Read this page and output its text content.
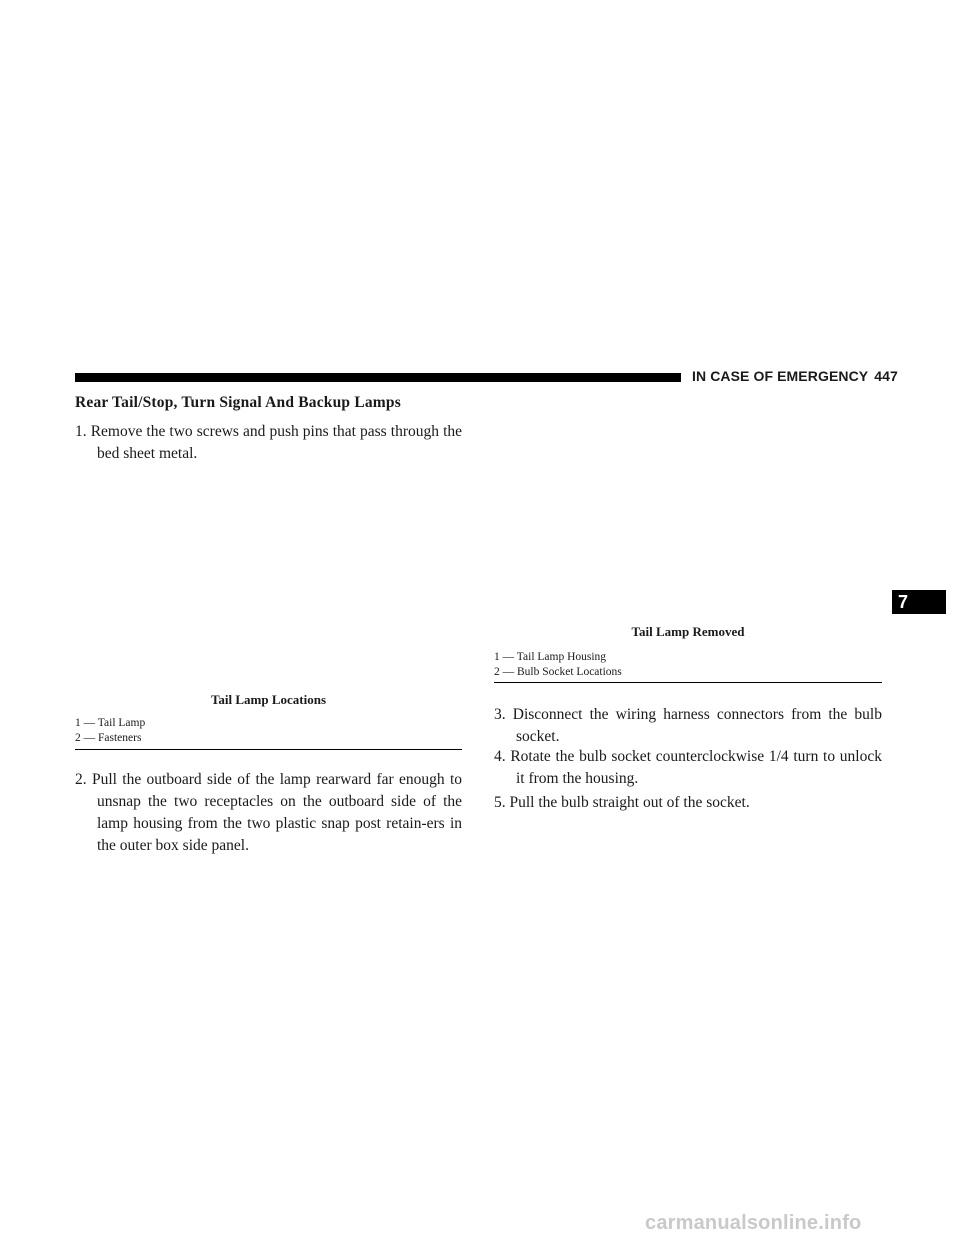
IN CASE OF EMERGENCY 447
7
Rear Tail/Stop, Turn Signal And Backup Lamps
1. Remove the two screws and push pins that pass through the bed sheet metal.
Tail Lamp Locations
1 — Tail Lamp
2 — Fasteners
2. Pull the outboard side of the lamp rearward far enough to unsnap the two receptacles on the outboard side of the lamp housing from the two plastic snap post retain-ers in the outer box side panel.
Tail Lamp Removed
1 — Tail Lamp Housing
2 — Bulb Socket Locations
3. Disconnect the wiring harness connectors from the bulb socket.
4. Rotate the bulb socket counterclockwise 1/4 turn to unlock it from the housing.
5. Pull the bulb straight out of the socket.
carmanualsonline.info
